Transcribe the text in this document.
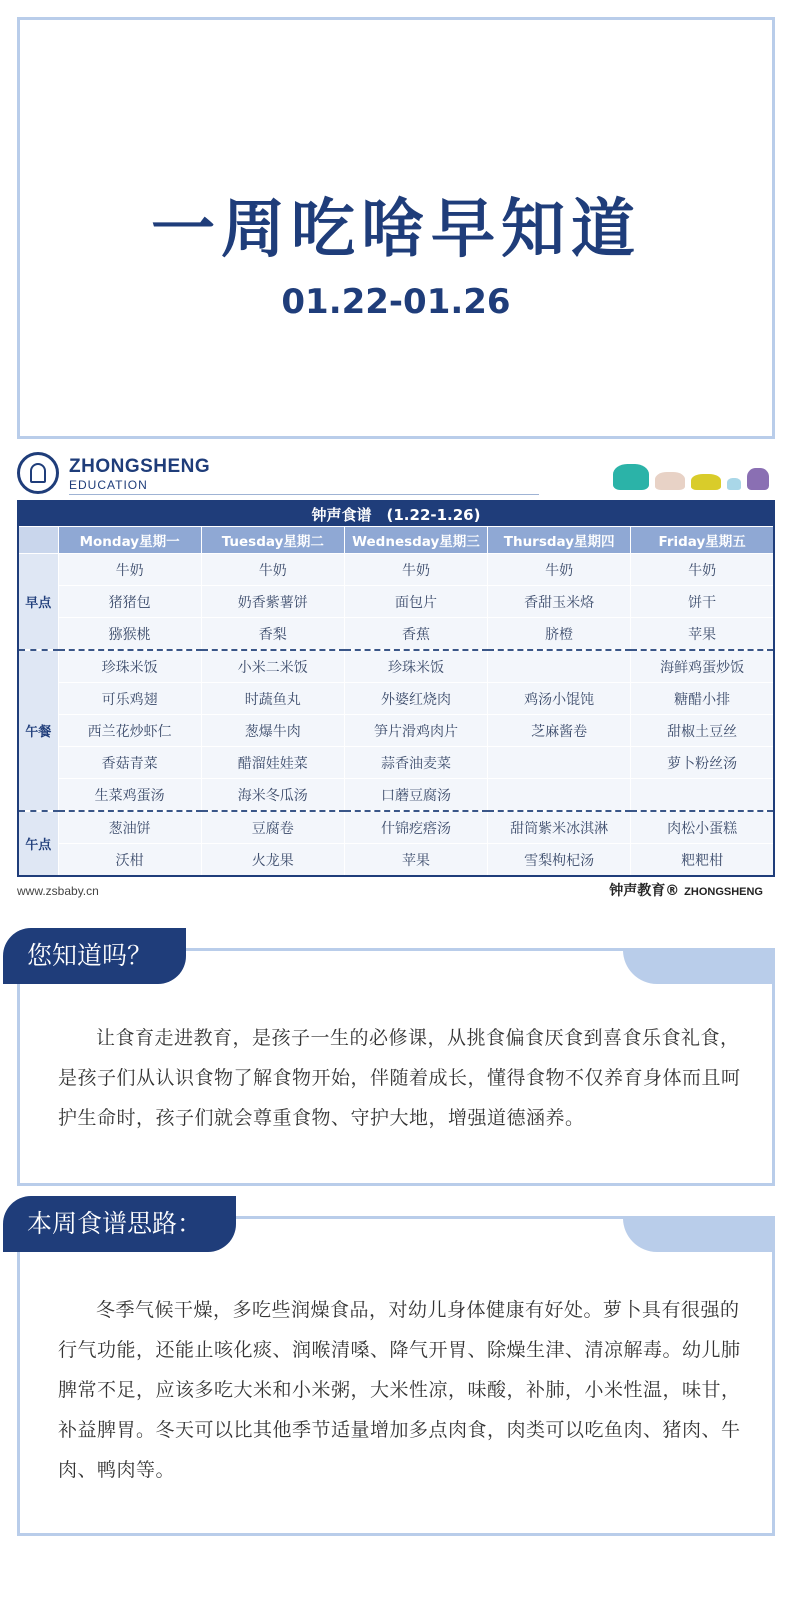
一周吃啥早知道
01.22-01.26
ZHONGSHENG
EDUCATION
钟声食谱　(1.22-1.26)					
	Monday星期一	Tuesday星期二	Wednesday星期三	Thursday星期四	Friday星期五
早点	牛奶	牛奶	牛奶	牛奶	牛奶
	猪猪包	奶香紫薯饼	面包片	香甜玉米烙	饼干
	猕猴桃	香梨	香蕉	脐橙	苹果
午餐	珍珠米饭	小米二米饭	珍珠米饭		海鲜鸡蛋炒饭
	可乐鸡翅	时蔬鱼丸	外婆红烧肉	鸡汤小馄饨	糖醋小排
	西兰花炒虾仁	葱爆牛肉	笋片滑鸡肉片	芝麻酱卷	甜椒土豆丝
	香菇青菜	醋溜娃娃菜	蒜香油麦菜		萝卜粉丝汤
	生菜鸡蛋汤	海米冬瓜汤	口蘑豆腐汤		
午点	葱油饼	豆腐卷	什锦疙瘩汤	甜筒紫米冰淇淋	肉松小蛋糕
	沃柑	火龙果	苹果	雪梨枸杞汤	粑粑柑
www.zsbaby.cn	钟声教育® ZHONGSHENG
您知道吗？
让食育走进教育，是孩子一生的必修课，从挑食偏食厌食到喜食乐食礼食，是孩子们从认识食物了解食物开始，伴随着成长，懂得食物不仅养育身体而且呵护生命时，孩子们就会尊重食物、守护大地，增强道德涵养。
本周食谱思路：
冬季气候干燥，多吃些润燥食品，对幼儿身体健康有好处。萝卜具有很强的行气功能，还能止咳化痰、润喉清嗓、降气开胃、除燥生津、清凉解毒。幼儿肺脾常不足，应该多吃大米和小米粥，大米性凉，味酸，补肺，小米性温，味甘，补益脾胃。冬天可以比其他季节适量增加多点肉食，肉类可以吃鱼肉、猪肉、牛肉、鸭肉等。
